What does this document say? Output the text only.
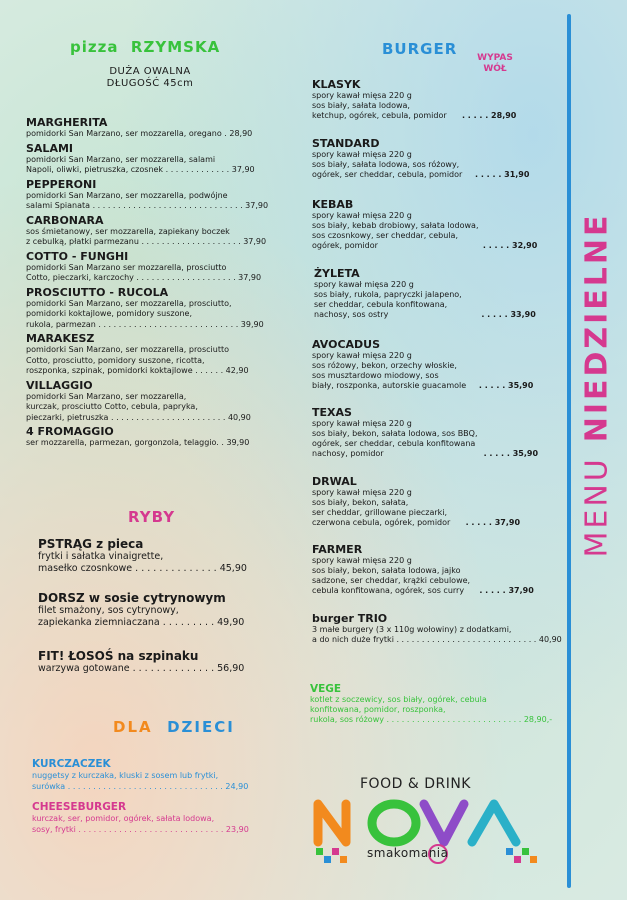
pizza RZYMSKA
DUŻA OWALNA
DŁUGOŚĆ 45cm
MARGHERITA
pomidorki San Marzano, ser mozzarella, oregano . 28,90
SALAMI
pomidorki San Marzano, ser mozzarella, salami
Napoli, oliwki, pietruszka, czosnek . . . . . . . . . . . . . 37,90
PEPPERONI
pomidorki San Marzano, ser mozzarella, podwójne
salami Spianata . . . . . . . . . . . . . . . . . . . . . . . . . . . . . . 37,90
CARBONARA
sos śmietanowy, ser mozzarella, zapiekany boczek
z cebulką, płatki parmezanu . . . . . . . . . . . . . . . . . . . . 37,90
COTTO - FUNGHI
pomidorki San Marzano ser mozzarella, prosciutto
Cotto, pieczarki, karczochy . . . . . . . . . . . . . . . . . . . . 37,90
PROSCIUTTO - RUCOLA
pomidorki San Marzano, ser mozzarella, prosciutto,
pomidorki koktajlowe, pomidory suszone,
rukola, parmezan . . . . . . . . . . . . . . . . . . . . . . . . . . . . 39,90
MARAKESZ
pomidorki San Marzano, ser mozzarella, prosciutto
Cotto, prosciutto, pomidory suszone, ricotta,
roszponka, szpinak, pomidorki koktajlowe . . . . . . 42,90
VILLAGGIO
pomidorki San Marzano, ser mozzarella,
kurczak, prosciutto Cotto, cebula, papryka,
pieczarki, pietruszka . . . . . . . . . . . . . . . . . . . . . . . 40,90
4 FROMAGGIO
ser mozzarella, parmezan, gorgonzola, telaggio. . 39,90
RYBY
PSTRĄG z pieca
frytki i sałatka vinaigrette,
masełko czosnkowe . . . . . . . . . . . . . . 45,90
DORSZ w sosie cytrynowym
filet smażony, sos cytrynowy,
zapiekanka ziemniaczana . . . . . . . . . 49,90
FIT! ŁOSOŚ na szpinaku
warzywa gotowane . . . . . . . . . . . . . . 56,90
DLA DZIECI
KURCZACZEK
nuggetsy z kurczaka, kluski z sosem lub frytki,
surówka . . . . . . . . . . . . . . . . . . . . . . . . . . . . . . . 24,90
CHEESEBURGER
kurczak, ser, pomidor, ogórek, sałata lodowa,
sosy, frytki . . . . . . . . . . . . . . . . . . . . . . . . . . . . . 23,90
BURGER	WYPAS
WÓŁ
KLASYK
spory kawał mięsa 220 g
sos biały, sałata lodowa,
ketchup, ogórek, cebula, pomidor . . . . . 28,90
STANDARD
spory kawał mięsa 220 g
sos biały, sałata lodowa, sos różowy,
ogórek, ser cheddar, cebula, pomidor . . . . . 31,90
KEBAB
spory kawał mięsa 220 g
sos biały, kebab drobiowy, sałata lodowa,
sos czosnkowy, ser cheddar, cebula,
ogórek, pomidor	. . . . . 32,90
ŻYLETA
spory kawał mięsa 220 g
sos biały, rukola, papryczki jalapeno,
ser cheddar, cebula konfitowana,
nachosy, sos ostry	. . . . . 33,90
AVOCADUS
spory kawał mięsa 220 g
sos różowy, bekon, orzechy włoskie,
sos musztardowo miodowy, sos
biały, roszponka, autorskie guacamole . . . . . 35,90
TEXAS
spory kawał mięsa 220 g
sos biały, bekon, sałata lodowa, sos BBQ,
ogórek, ser cheddar, cebula konfitowana
nachosy, pomidor	. . . . . 35,90
DRWAL
spory kawał mięsa 220 g
sos biały, bekon, sałata,
ser cheddar, grillowane pieczarki,
czerwona cebula, ogórek, pomidor . . . . . 37,90
FARMER
spory kawał mięsa 220 g
sos biały, bekon, sałata lodowa, jajko
sadzone, ser cheddar, krążki cebulowe,
cebula konfitowana, ogórek, sos curry . . . . . 37,90
burger TRIO
3 małe burgery (3 x 110g wołowiny) z dodatkami,
a do nich duże frytki . . . . . . . . . . . . . . . . . . . . . . . . . . . . 40,90
VEGE
kotlet z soczewicy, sos biały, ogórek, cebula
konfitowana, pomidor, roszponka,
rukola, sos różowy . . . . . . . . . . . . . . . . . . . . . . . . . . . 28,90,-
MENUNIEDZIELNE
FOOD & DRINK
smakomania
